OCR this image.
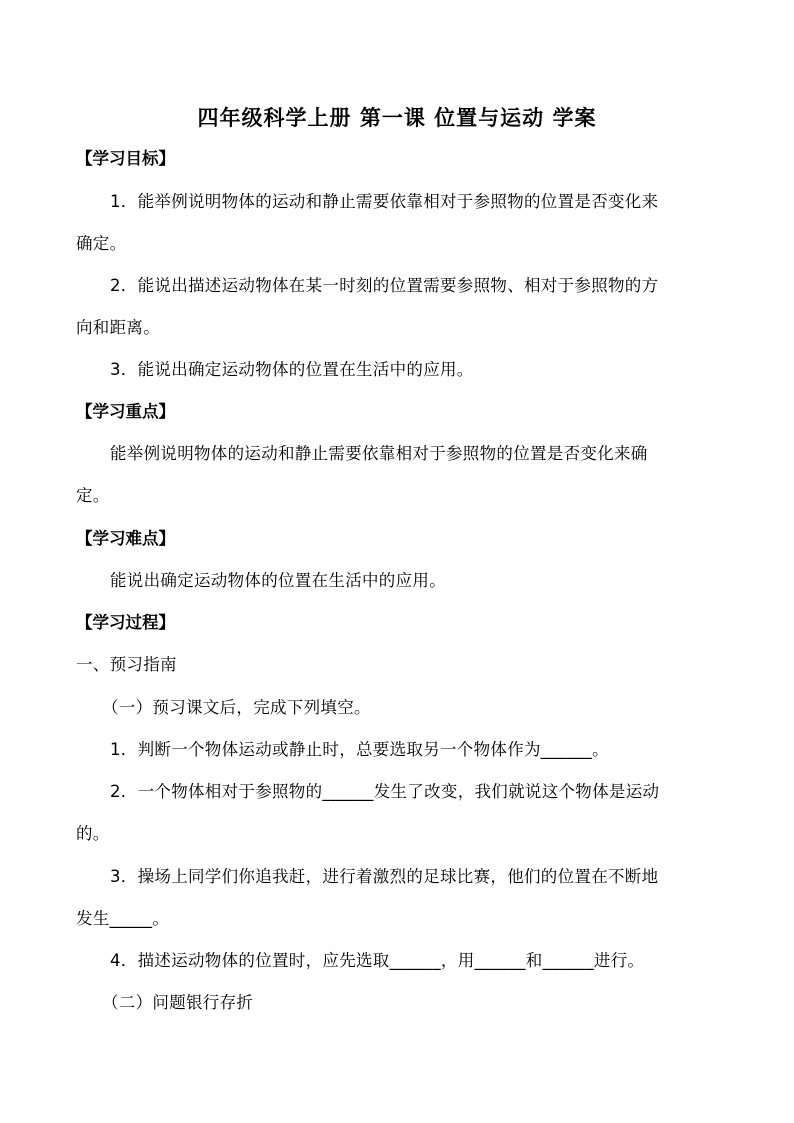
四年级科学上册 第一课 位置与运动 学案
【学习目标】
1．能举例说明物体的运动和静止需要依靠相对于参照物的位置是否变化来
确定。
2．能说出描述运动物体在某一时刻的位置需要参照物、相对于参照物的方
向和距离。
3．能说出确定运动物体的位置在生活中的应用。
【学习重点】
能举例说明物体的运动和静止需要依靠相对于参照物的位置是否变化来确
定。
【学习难点】
能说出确定运动物体的位置在生活中的应用。
【学习过程】
一、预习指南
（一）预习课文后，完成下列填空。
1．判断一个物体运动或静止时，总要选取另一个物体作为______。
2．一个物体相对于参照物的______发生了改变，我们就说这个物体是运动
的。
3．操场上同学们你追我赶，进行着激烈的足球比赛，他们的位置在不断地
发生_____。
4．描述运动物体的位置时，应先选取______，用______和______进行。
（二）问题银行存折
